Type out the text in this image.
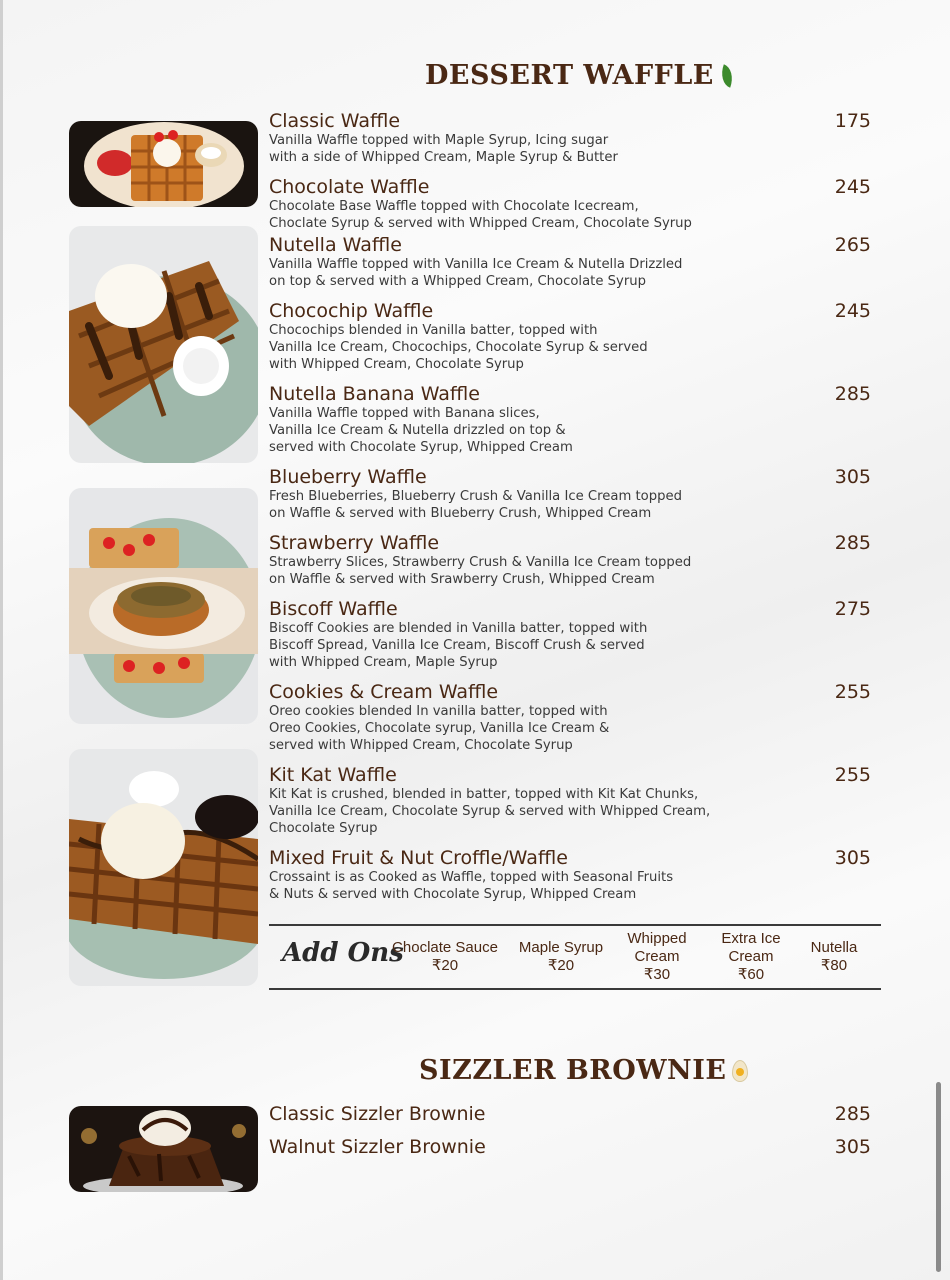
DESSERT WAFFLE
Classic Waffle	175
Vanilla Waffle topped with Maple Syrup, Icing sugar
with a side of Whipped Cream, Maple Syrup & Butter
Chocolate Waffle	245
Chocolate Base Waffle topped with Chocolate Icecream,
Choclate Syrup & served with Whipped Cream, Chocolate Syrup
Nutella Waffle	265
Vanilla Waffle topped with Vanilla Ice Cream & Nutella Drizzled
on top & served with a Whipped Cream, Chocolate Syrup
Chocochip Waffle	245
Chocochips blended in Vanilla batter, topped with
Vanilla Ice Cream, Chocochips, Chocolate Syrup & served
with Whipped Cream, Chocolate Syrup
Nutella Banana Waffle	285
Vanilla Waffle topped with Banana slices,
Vanilla Ice Cream & Nutella drizzled on top &
served with Chocolate Syrup, Whipped Cream
Blueberry Waffle	305
Fresh Blueberries, Blueberry Crush & Vanilla Ice Cream topped
on Waffle & served with Blueberry Crush, Whipped Cream
Strawberry Waffle	285
Strawberry Slices, Strawberry Crush & Vanilla Ice Cream topped
on Waffle & served with Srawberry Crush, Whipped Cream
Biscoff Waffle	275
Biscoff Cookies are blended in Vanilla batter, topped with
Biscoff Spread, Vanilla Ice Cream, Biscoff Crush & served
with Whipped Cream, Maple Syrup
Cookies & Cream Waffle	255
Oreo cookies blended In vanilla batter, topped with
Oreo Cookies, Chocolate syrup, Vanilla Ice Cream &
served with Whipped Cream, Chocolate Syrup
Kit Kat Waffle	255
Kit Kat is crushed, blended in batter, topped with Kit Kat Chunks,
Vanilla Ice Cream, Chocolate Syrup & served with Whipped Cream,
Chocolate Syrup
Mixed Fruit & Nut Croffle/Waffle	305
Crossaint is as Cooked as Waffle, topped with Seasonal Fruits
& Nuts & served with Chocolate Syrup, Whipped Cream
Add Ons
Choclate Sauce
₹20
Maple Syrup
₹20
Whipped Cream
₹30
Extra Ice Cream
₹60
Nutella
₹80
SIZZLER BROWNIE
Classic Sizzler Brownie	285
Walnut Sizzler Brownie	305
